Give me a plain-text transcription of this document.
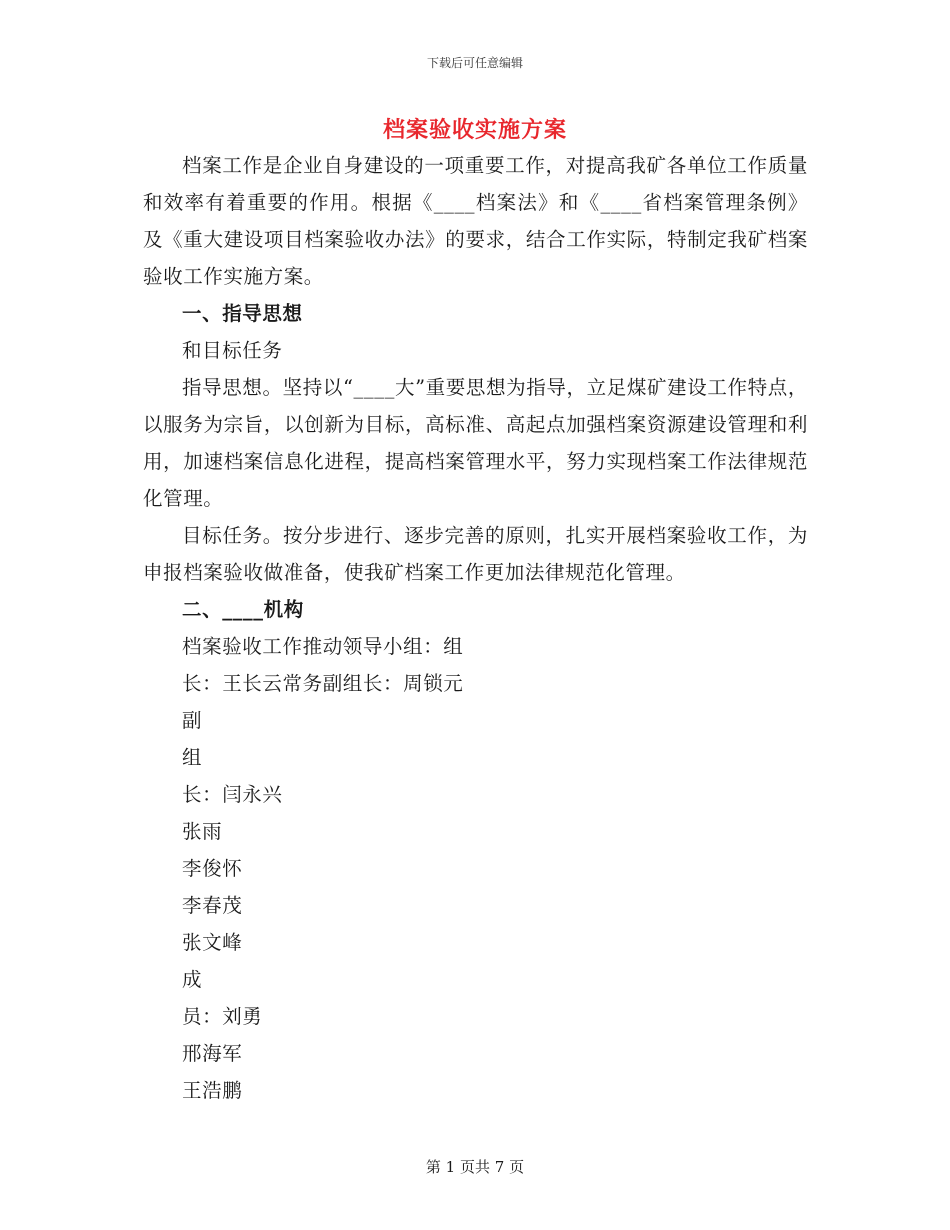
下载后可任意编辑
档案验收实施方案

档案工作是企业自身建设的一项重要工作，对提高我矿各单位工作质量和效率有着重要的作用。根据《____档案法》和《____省档案管理条例》及《重大建设项目档案验收办法》的要求，结合工作实际，特制定我矿档案验收工作实施方案。

一、指导思想

和目标任务

指导思想。坚持以“____大”重要思想为指导，立足煤矿建设工作特点，以服务为宗旨，以创新为目标，高标准、高起点加强档案资源建设管理和利用，加速档案信息化进程，提高档案管理水平，努力实现档案工作法律规范化管理。

目标任务。按分步进行、逐步完善的原则，扎实开展档案验收工作，为申报档案验收做准备，使我矿档案工作更加法律规范化管理。

二、____机构

档案验收工作推动领导小组：组

长：王长云常务副组长：周锁元

副

组

长：闫永兴

张雨

李俊怀

李春茂

张文峰

成

员：刘勇

邢海军

王浩鹏

第 1 页共 7 页
